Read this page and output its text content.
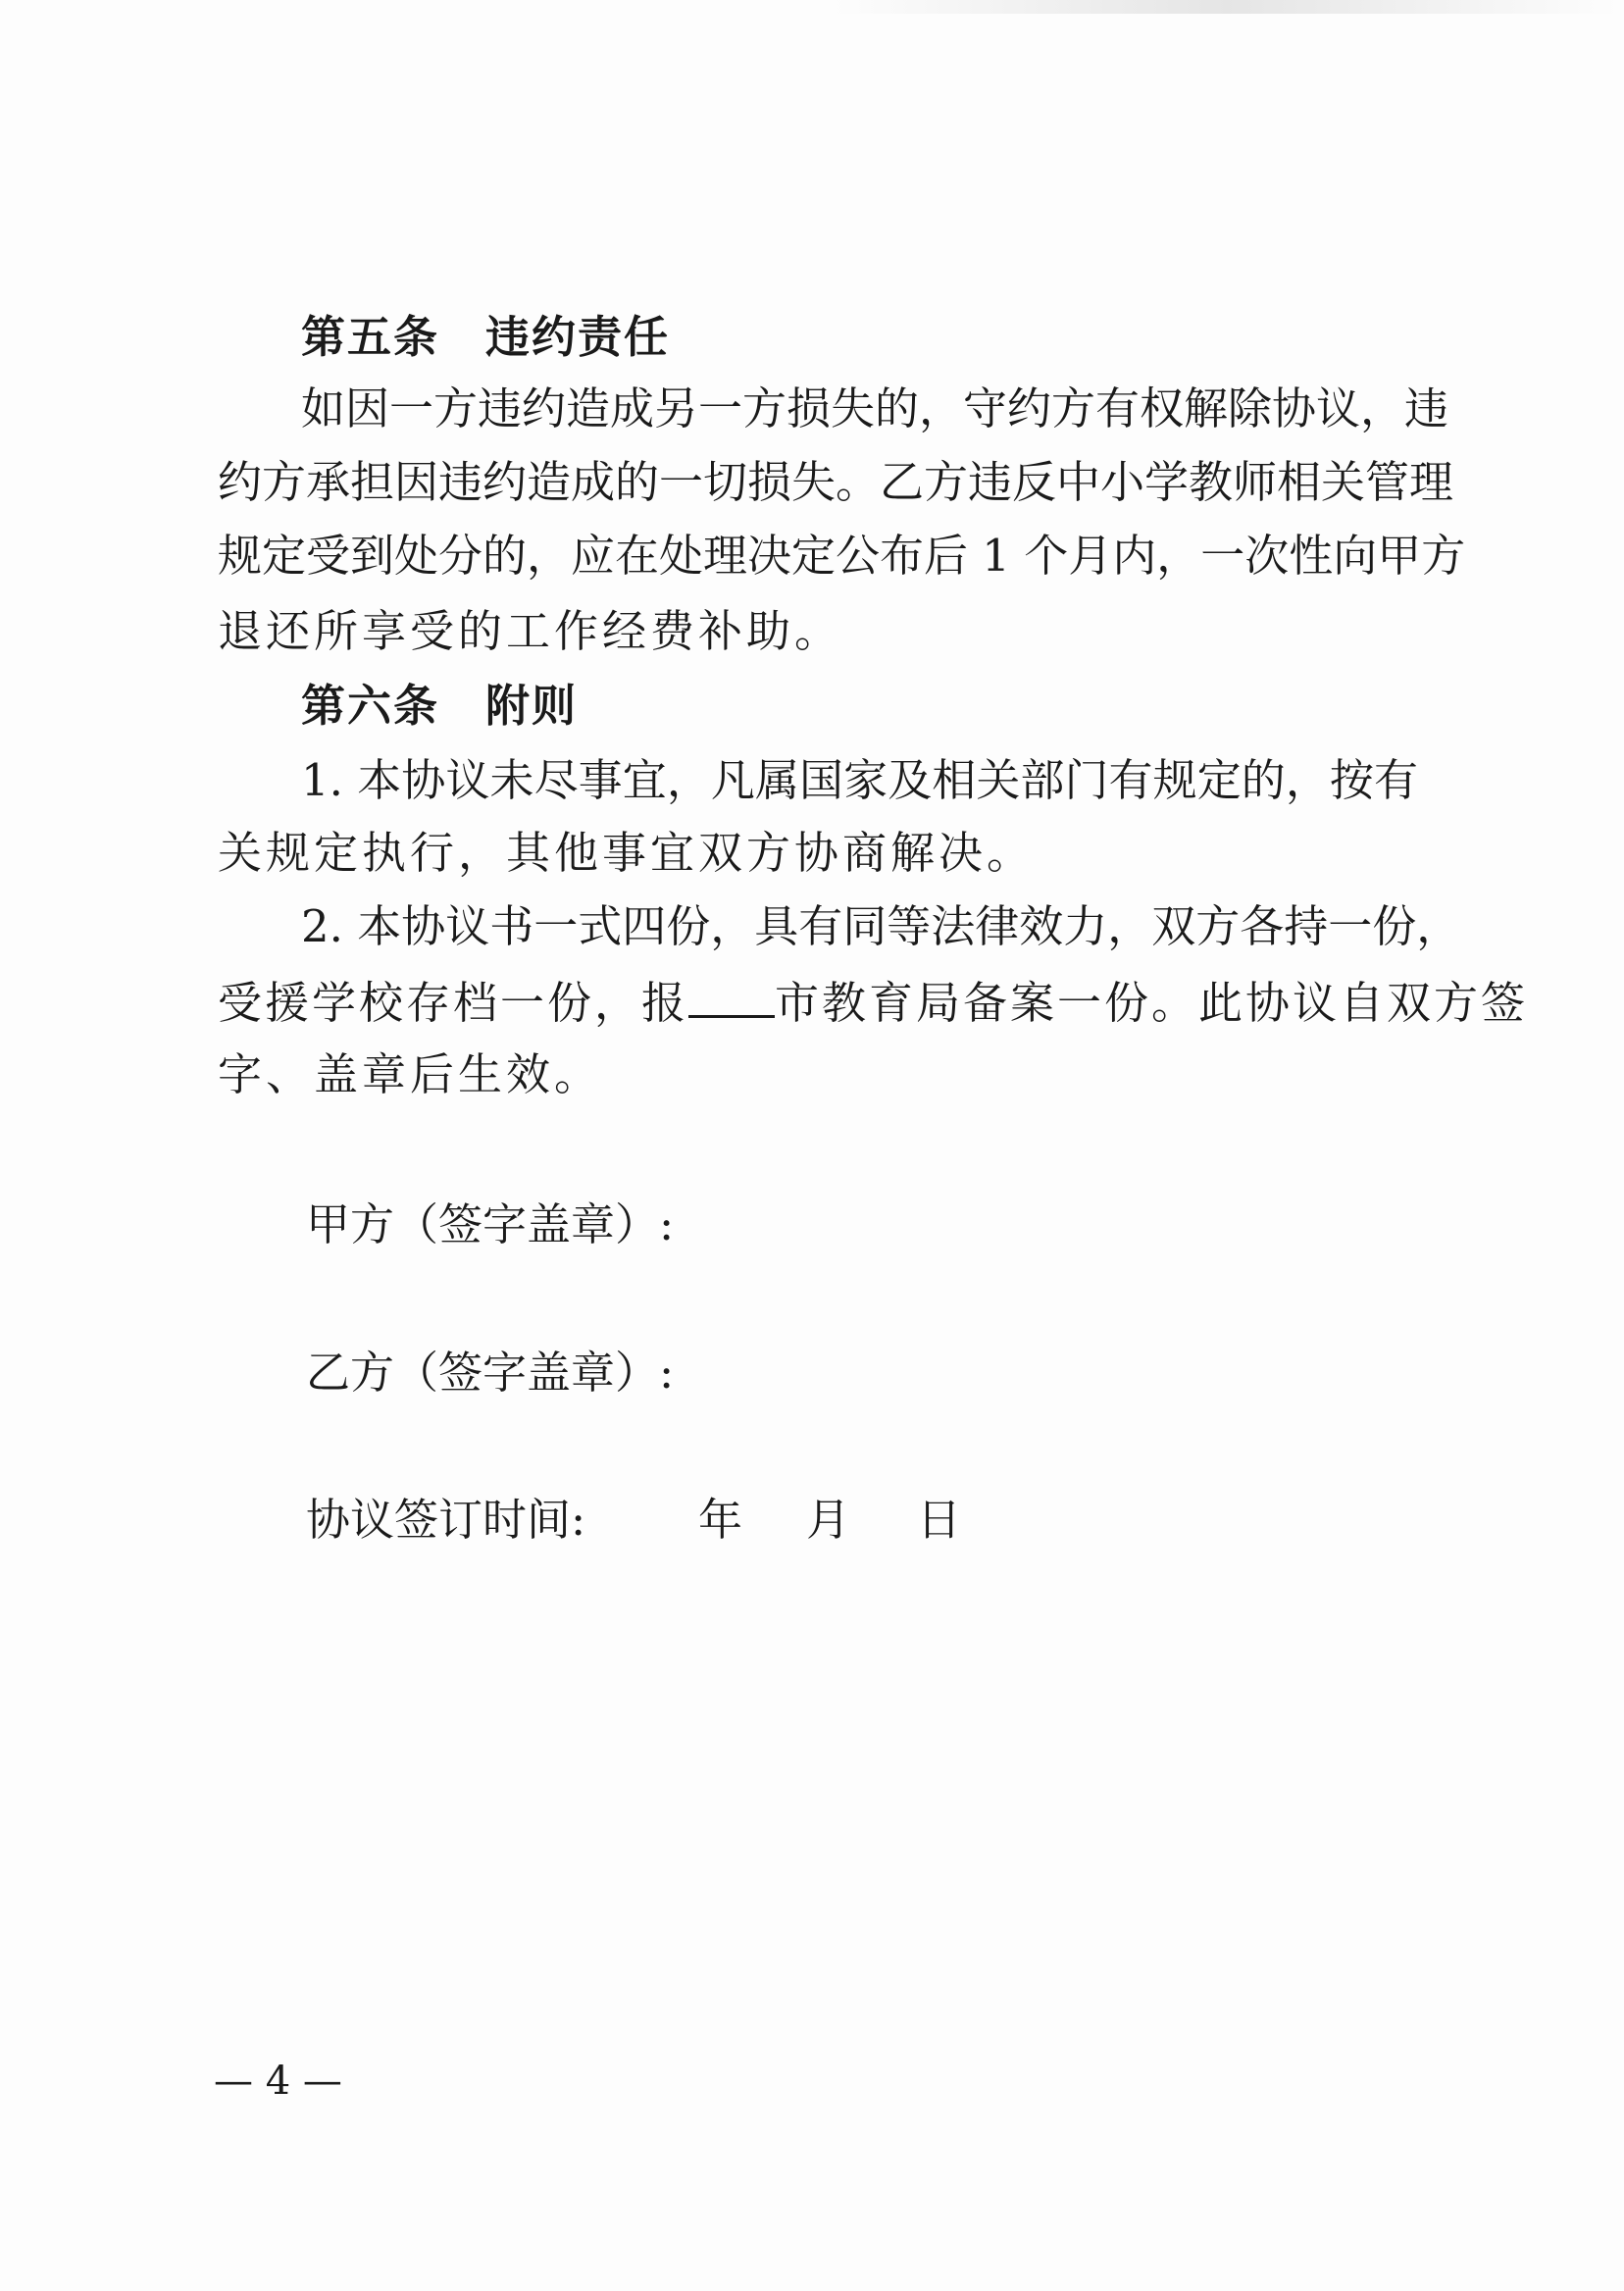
第五条　违约责任
如因一方违约造成另一方损失的，守约方有权解除协议，违
约方承担因违约造成的一切损失。乙方违反中小学教师相关管理
规定受到处分的，应在处理决定公布后 1 个月内，一次性向甲方
退还所享受的工作经费补助。
第六条　附则
1. 本协议未尽事宜，凡属国家及相关部门有规定的，按有
关规定执行，其他事宜双方协商解决。
2. 本协议书一式四份，具有同等法律效力，双方各持一份，
受援学校存档一份，报 市教育局备案一份。此协议自双方签
字、盖章后生效。
甲方（签字盖章）:
乙方（签字盖章）:
协议签订时间:	年 月 日
— 4 —
